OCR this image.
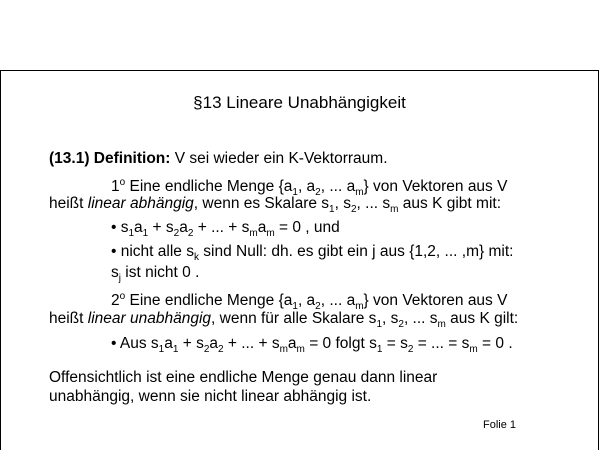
§13 Lineare Unabhängigkeit
(13.1) Definition: V sei wieder ein K-Vektorraum.
1$^o$ Eine endliche Menge {$a_1$, $a_2$, ... $a_m$} von Vektoren aus V
heißt linear abhängig, wenn es Skalare $s_1$, $s_2$, ... $s_m$ aus K gibt mit:
• $s_1a_1 + s_2a_2$ + ... + $s_ma_m = 0$ , und
• nicht alle $s_k$ sind Null: dh. es gibt ein j aus {1,2, ... ,m} mit:
$s_j$ ist nicht 0 .
2$^o$ Eine endliche Menge {$a_1$, $a_2$, ... $a_m$} von Vektoren aus V
heißt linear unabhängig, wenn für alle Skalare $s_1$, $s_2$, ... $s_m$ aus K gilt:
• Aus $s_1a_1 + s_2a_2$ + ... + $s_ma_m = 0$ folgt $s_1 = s_2$ = ... = $s_m = 0$ .
Offensichtlich ist eine endliche Menge genau dann linear
unabhängig, wenn sie nicht linear abhängig ist.
Folie 1
